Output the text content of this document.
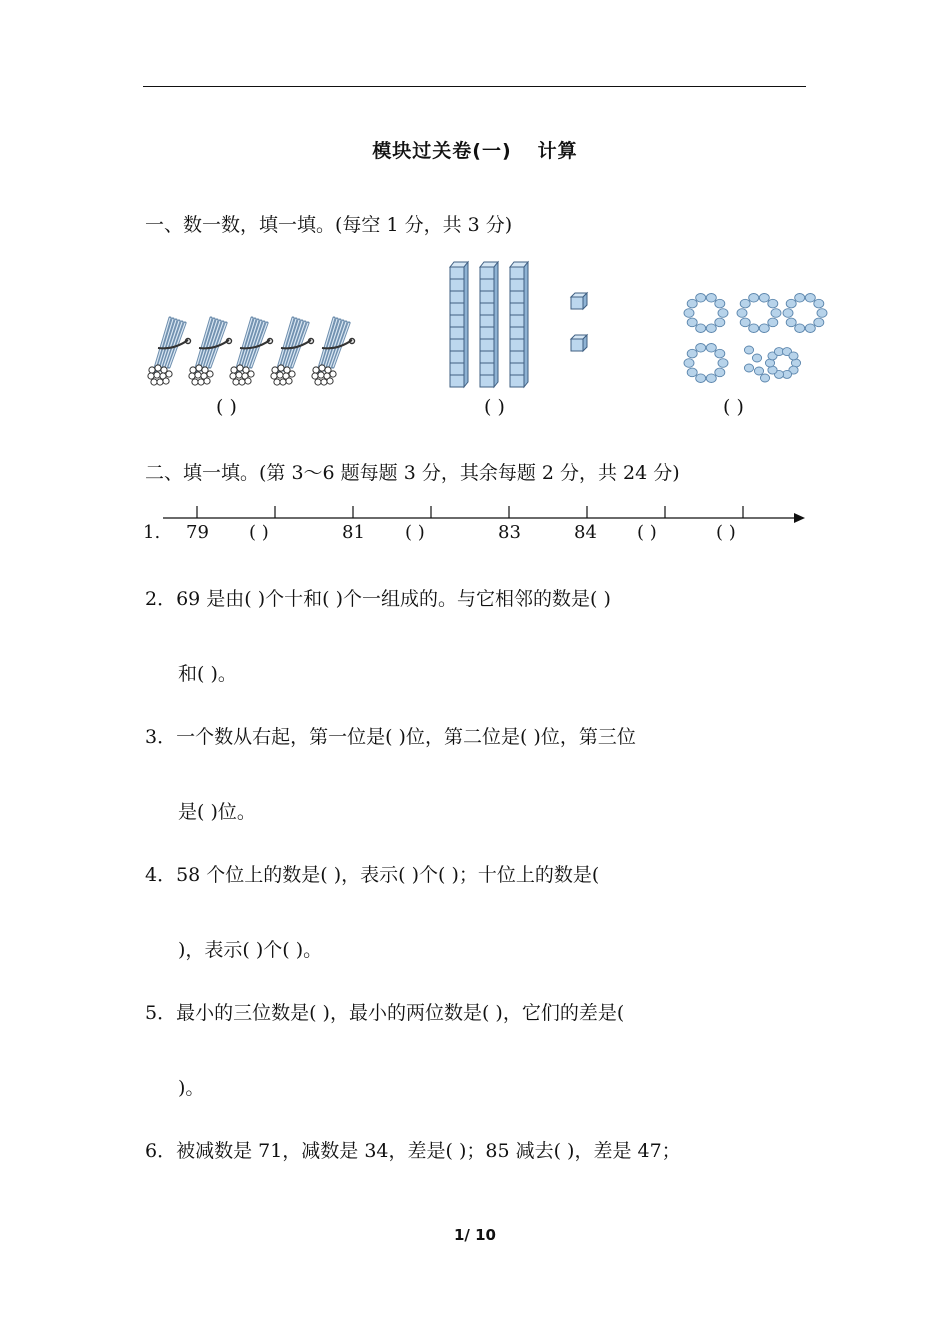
模块过关卷(一) 计算
一、数一数，填一填。(每空 1 分，共 3 分)
( )	( )	( )
二、填一填。(第 3～6 题每题 3 分，其余每题 2 分，共 24 分)
1. 79 ( )	81 ( )	83	84 ( )	( )
2．69 是由( )个十和( )个一组成的。与它相邻的数是( )
和( )。
3．一个数从右起，第一位是( )位，第二位是( )位，第三位
是( )位。
4．58 个位上的数是( )，表示( )个( )；十位上的数是(
)，表示( )个( )。
5．最小的三位数是( )，最小的两位数是( )，它们的差是(
)。
6．被减数是 71，减数是 34，差是( )；85 减去( )，差是 47；
1/ 10
